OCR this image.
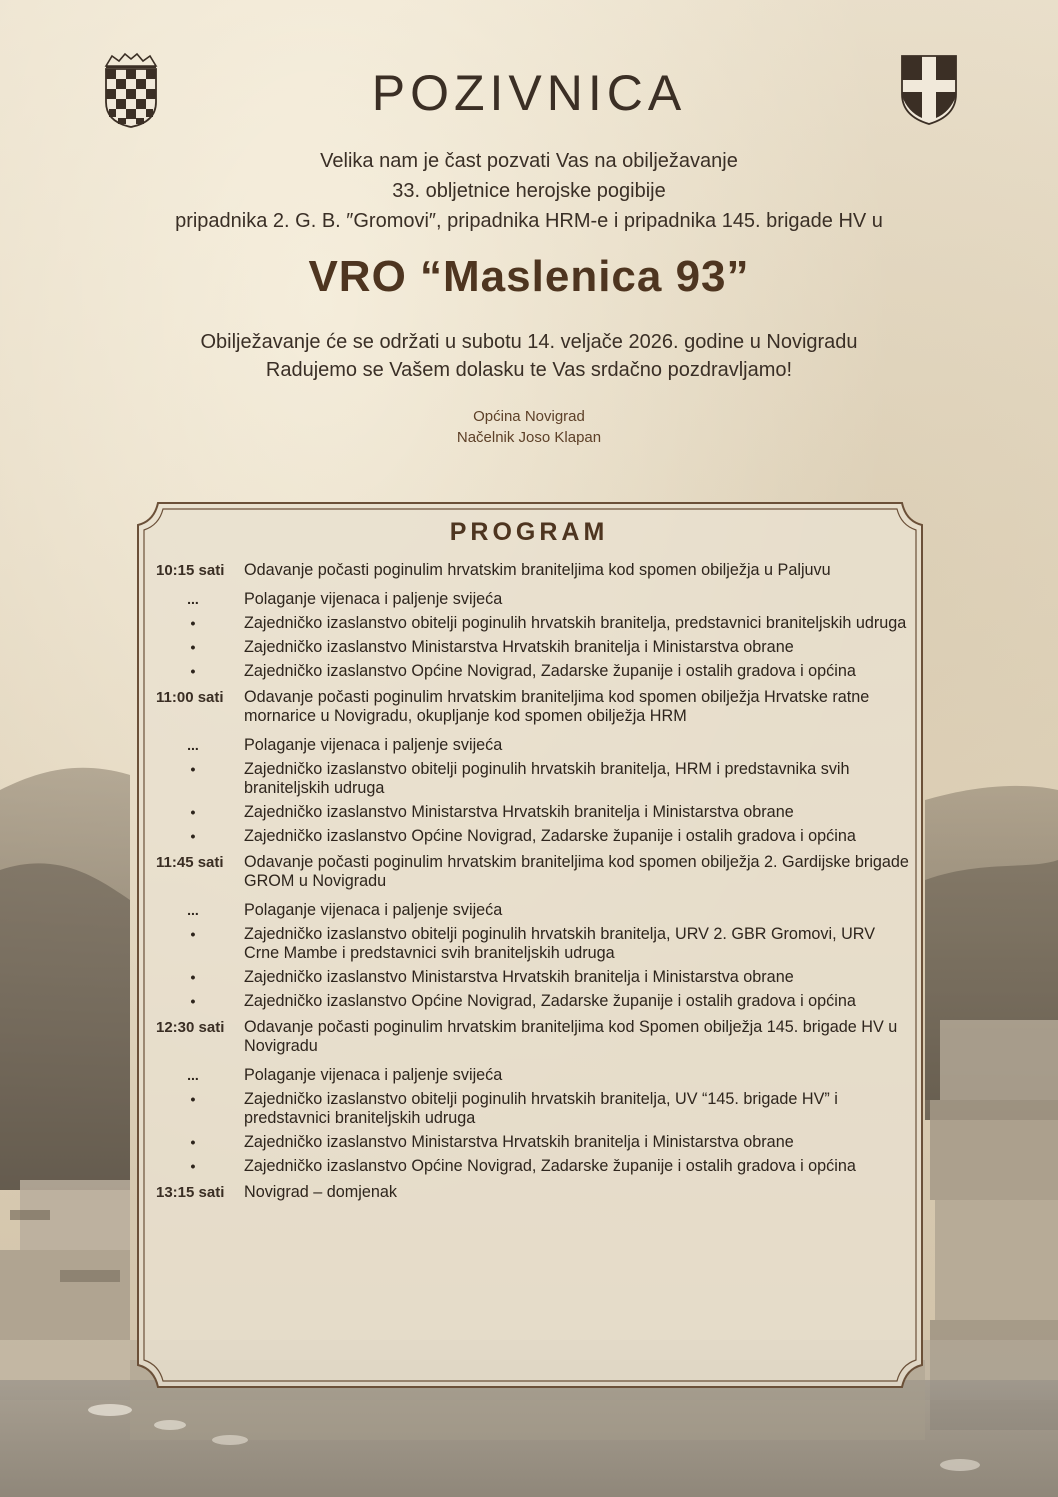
POZIVNICA
Velika nam je čast pozvati Vas na obilježavanje
33. obljetnice herojske pogibije
pripadnika 2. G. B. ″Gromovi″, pripadnika HRM-e i pripadnika 145. brigade HV u
VRO “Maslenica 93”
Obilježavanje će se održati u subotu 14. veljače 2026. godine u Novigradu
Radujemo se Vašem dolasku te Vas srdačno pozdravljamo!
Općina Novigrad
Načelnik Joso Klapan
PROGRAM
10:15 sati	Odavanje počasti poginulim hrvatskim braniteljima kod spomen obilježja u Paljuvu
...	Polaganje vijenaca i paljenje svijeća
•	Zajedničko izaslanstvo obitelji poginulih hrvatskih branitelja, predstavnici braniteljskih udruga
•	Zajedničko izaslanstvo Ministarstva Hrvatskih branitelja i Ministarstva obrane
•	Zajedničko izaslanstvo Općine Novigrad, Zadarske županije i ostalih gradova i općina
11:00 sati	Odavanje počasti poginulim hrvatskim braniteljima kod spomen obilježja Hrvatske ratne mornarice u Novigradu, okupljanje kod spomen obilježja HRM
...	Polaganje vijenaca i paljenje svijeća
•	Zajedničko izaslanstvo obitelji poginulih hrvatskih branitelja, HRM i predstavnika svih braniteljskih udruga
•	Zajedničko izaslanstvo Ministarstva Hrvatskih branitelja i Ministarstva obrane
•	Zajedničko izaslanstvo Općine Novigrad, Zadarske županije i ostalih gradova i općina
11:45 sati	Odavanje počasti poginulim hrvatskim braniteljima kod spomen obilježja 2. Gardijske brigade GROM u Novigradu
...	Polaganje vijenaca i paljenje svijeća
•	Zajedničko izaslanstvo obitelji poginulih hrvatskih branitelja, URV 2. GBR Gromovi, URV Crne Mambe i predstavnici svih braniteljskih udruga
•	Zajedničko izaslanstvo Ministarstva Hrvatskih branitelja i Ministarstva obrane
•	Zajedničko izaslanstvo Općine Novigrad, Zadarske županije i ostalih gradova i općina
12:30 sati	Odavanje počasti poginulim hrvatskim braniteljima kod Spomen obilježja 145. brigade HV u Novigradu
...	Polaganje vijenaca i paljenje svijeća
•	Zajedničko izaslanstvo obitelji poginulih hrvatskih branitelja, UV “145. brigade HV” i predstavnici braniteljskih udruga
•	Zajedničko izaslanstvo Ministarstva Hrvatskih branitelja i Ministarstva obrane
•	Zajedničko izaslanstvo Općine Novigrad, Zadarske županije i ostalih gradova i općina
13:15 sati	Novigrad – domjenak
